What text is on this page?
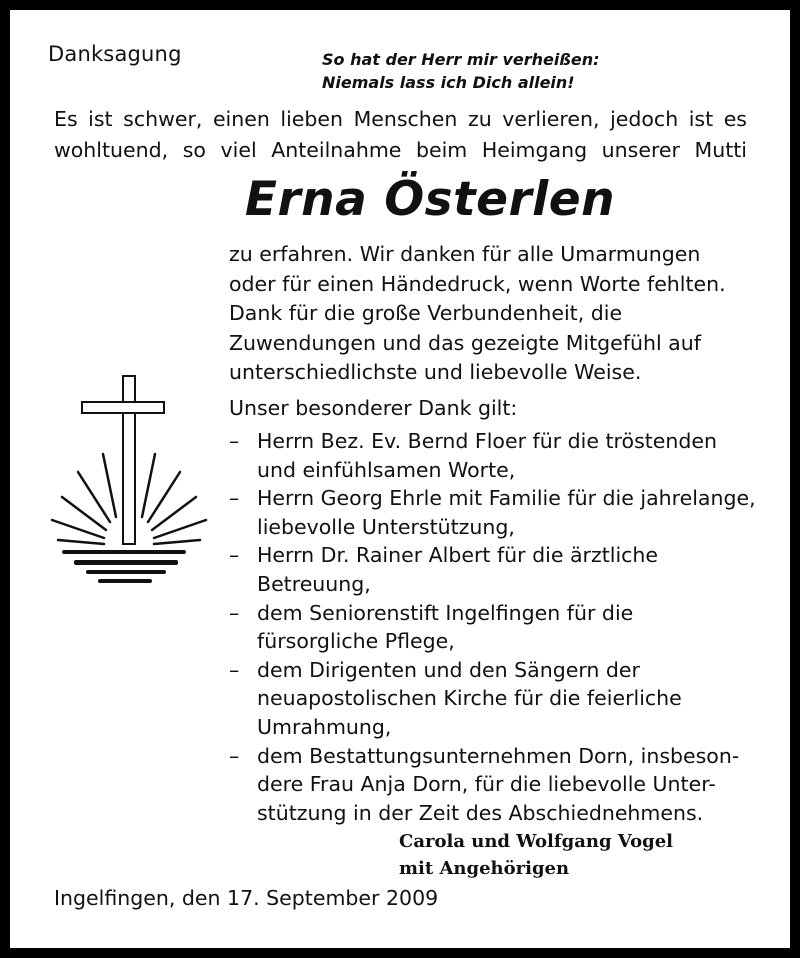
Danksagung	So hat der Herr mir verheißen:
Niemals lass ich Dich allein!
Es ist schwer, einen lieben Menschen zu verlieren, jedoch ist es
wohltuend, so viel Anteilnahme beim Heimgang unserer Mutti
Erna Österlen
zu erfahren. Wir danken für alle Umarmungen
oder für einen Händedruck, wenn Worte fehlten.
Dank für die große Verbundenheit, die
Zuwendungen und das gezeigte Mitgefühl auf
unterschiedlichste und liebevolle Weise.
Unser besonderer Dank gilt:
– Herrn Bez. Ev. Bernd Floer für die tröstenden
und einfühlsamen Worte,
– Herrn Georg Ehrle mit Familie für die jahrelange,
liebevolle Unterstützung,
– Herrn Dr. Rainer Albert für die ärztliche
Betreuung,
– dem Seniorenstift Ingelfingen für die
fürsorgliche Pflege,
– dem Dirigenten und den Sängern der
neuapostolischen Kirche für die feierliche
Umrahmung,
– dem Bestattungsunternehmen Dorn, insbeson-
dere Frau Anja Dorn, für die liebevolle Unter-
stützung in der Zeit des Abschiednehmens.
Carola und Wolfgang Vogel
mit Angehörigen
Ingelfingen, den 17. September 2009
